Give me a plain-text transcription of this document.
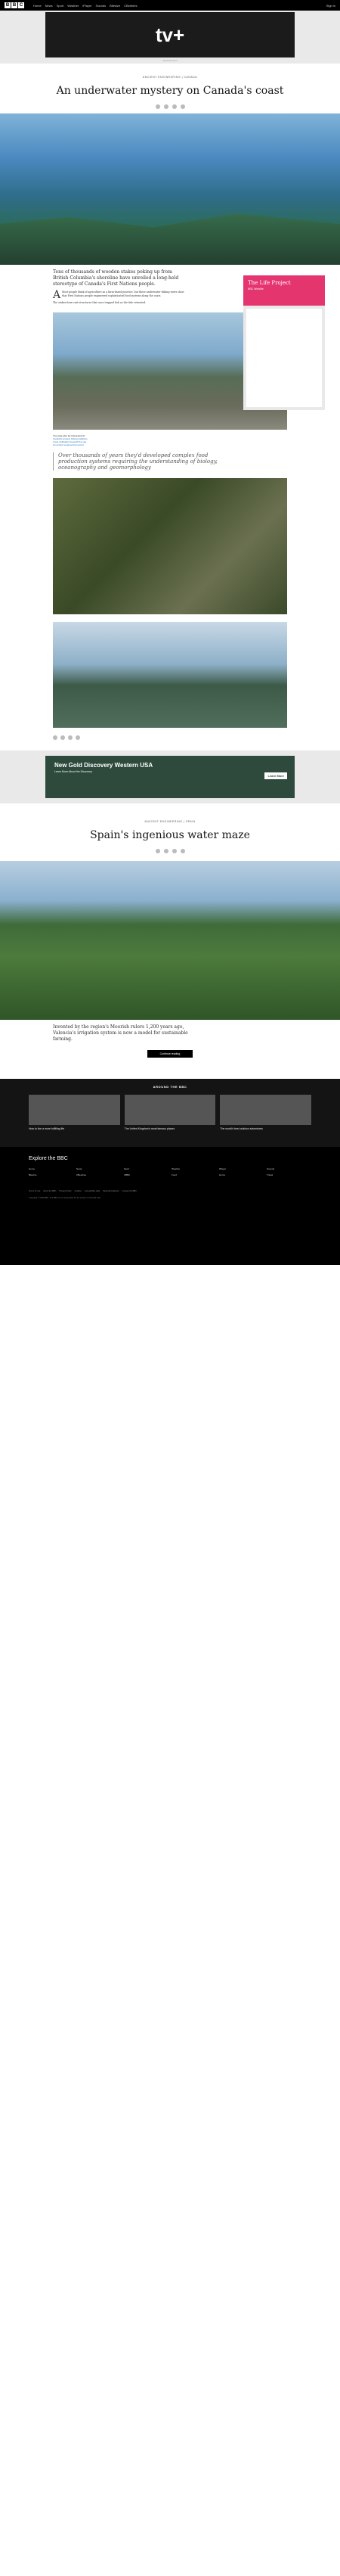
B B C	Home News Sport Weather iPlayer Sounds Bitesize CBeebies	Sign in
tv+
Advertisement
ANCIENT ENGINEERING | CANADA
An underwater mystery on Canada's coast
The Life Project
BBC Worklife

Tens of thousands of wooden stakes poking up from British Columbia's shoreline have unveiled a long-held stereotype of Canada's First Nations people.

A Most people think of agriculture as a farm-based practice, but these underwater fishing weirs show that First Nations people engineered sophisticated food systems along the coast.

The stakes form vast structures that once trapped fish as the tide retreated.

You may also be interested in:
Canada's ancient fishing traditions
A lost civilisation beneath the sea
An ancient engineering marvel
Over thousands of years they'd developed complex food production systems requiring the understanding of biology, oceanography and geomorphology
New Gold Discovery Western USA
Learn More About the Discovery
Learn More
ANCIENT ENGINEERING | SPAIN
Spain's ingenious water maze

Invented by the region's Moorish rulers 1,200 years ago, Valencia's irrigation system is now a model for sustainable farming.

Continue reading
AROUND THE BBC

How to live a more fulfilling life	The United Kingdom's most famous places	The world's best outdoor adventures

Explore the BBC
Home	News	Sport	Weather	iPlayer	Sounds
Bitesize	CBeebies	CBBC	Food	Home	Travel
Terms of Use About the BBC Privacy Policy Cookies Accessibility Help Parental Guidance Contact the BBC
Copyright © 2020 BBC. The BBC is not responsible for the content of external sites.
